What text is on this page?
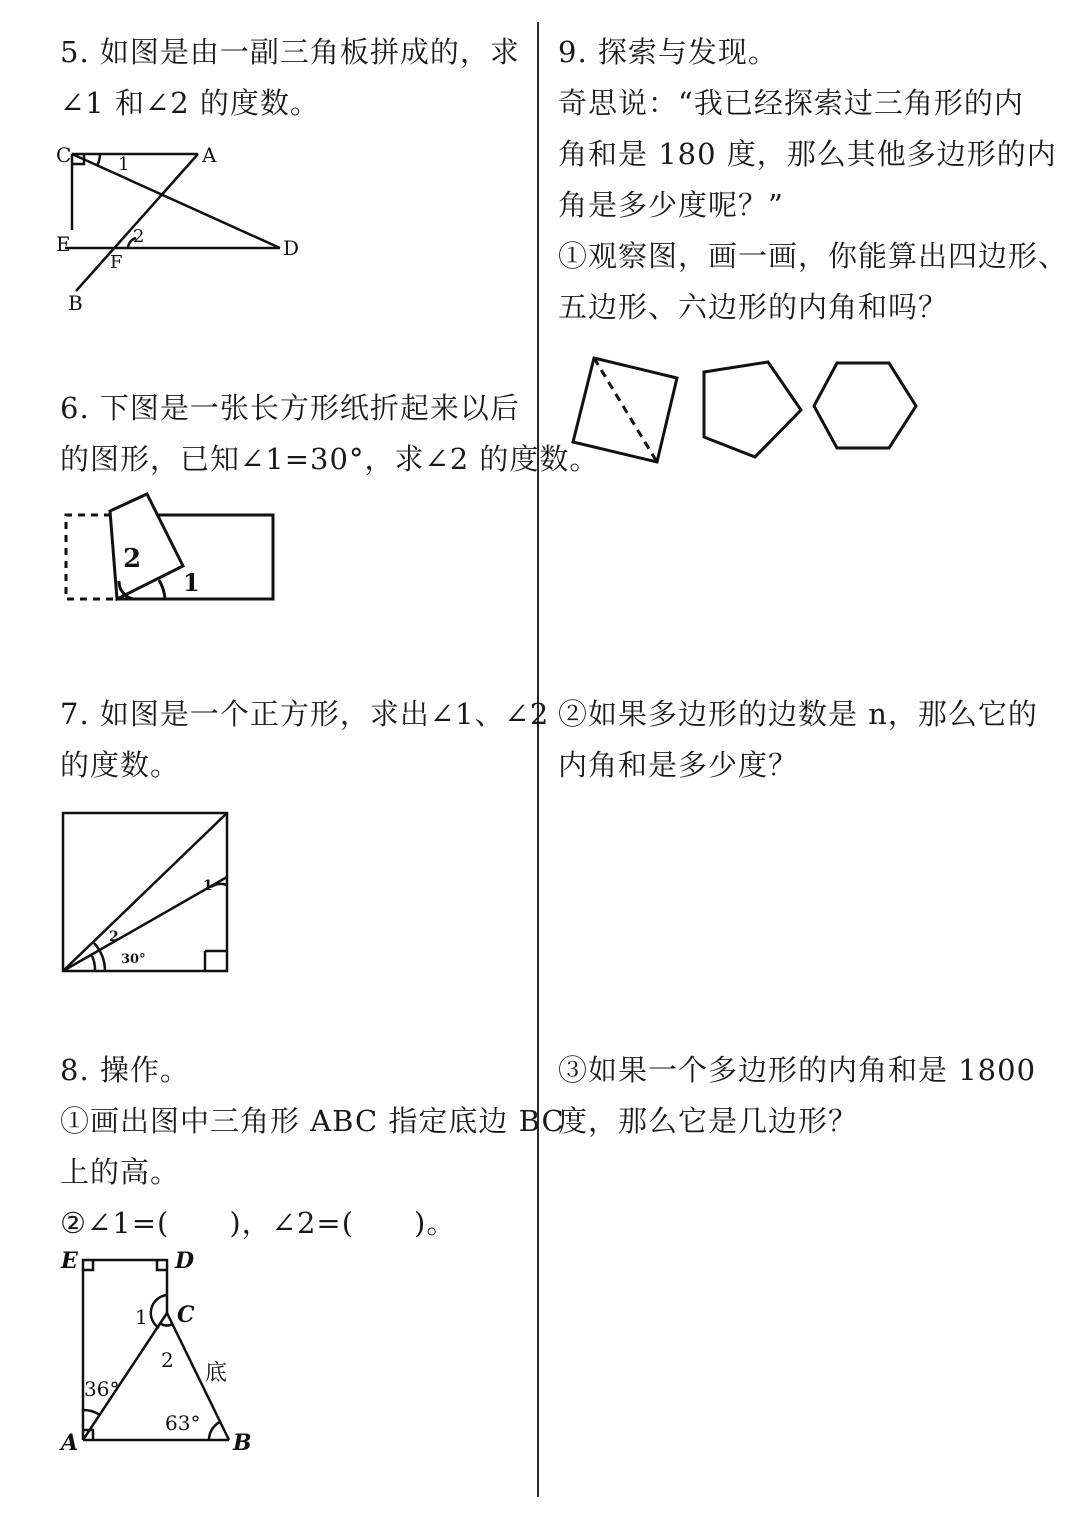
5. 如图是由一副三角板拼成的，求
∠1 和∠2 的度数。
C	A
1
E	2
F
D
B
6. 下图是一张长方形纸折起来以后
的图形，已知∠1=30°，求∠2 的度数。
2
1
7. 如图是一个正方形，求出∠1、∠2
的度数。
1
2
30°
8. 操作。
①画出图中三角形 ABC 指定底边 BC
上的高。
②∠1=(　　)，∠2=(　　)。
E	D
C
1
2
底
36°
63°
A	B
9. 探索与发现。
奇思说：“我已经探索过三角形的内
角和是 180 度，那么其他多边形的内
角是多少度呢？”
①观察图，画一画，你能算出四边形、
五边形、六边形的内角和吗？
②如果多边形的边数是 n，那么它的
内角和是多少度？
③如果一个多边形的内角和是 1800
度，那么它是几边形？
